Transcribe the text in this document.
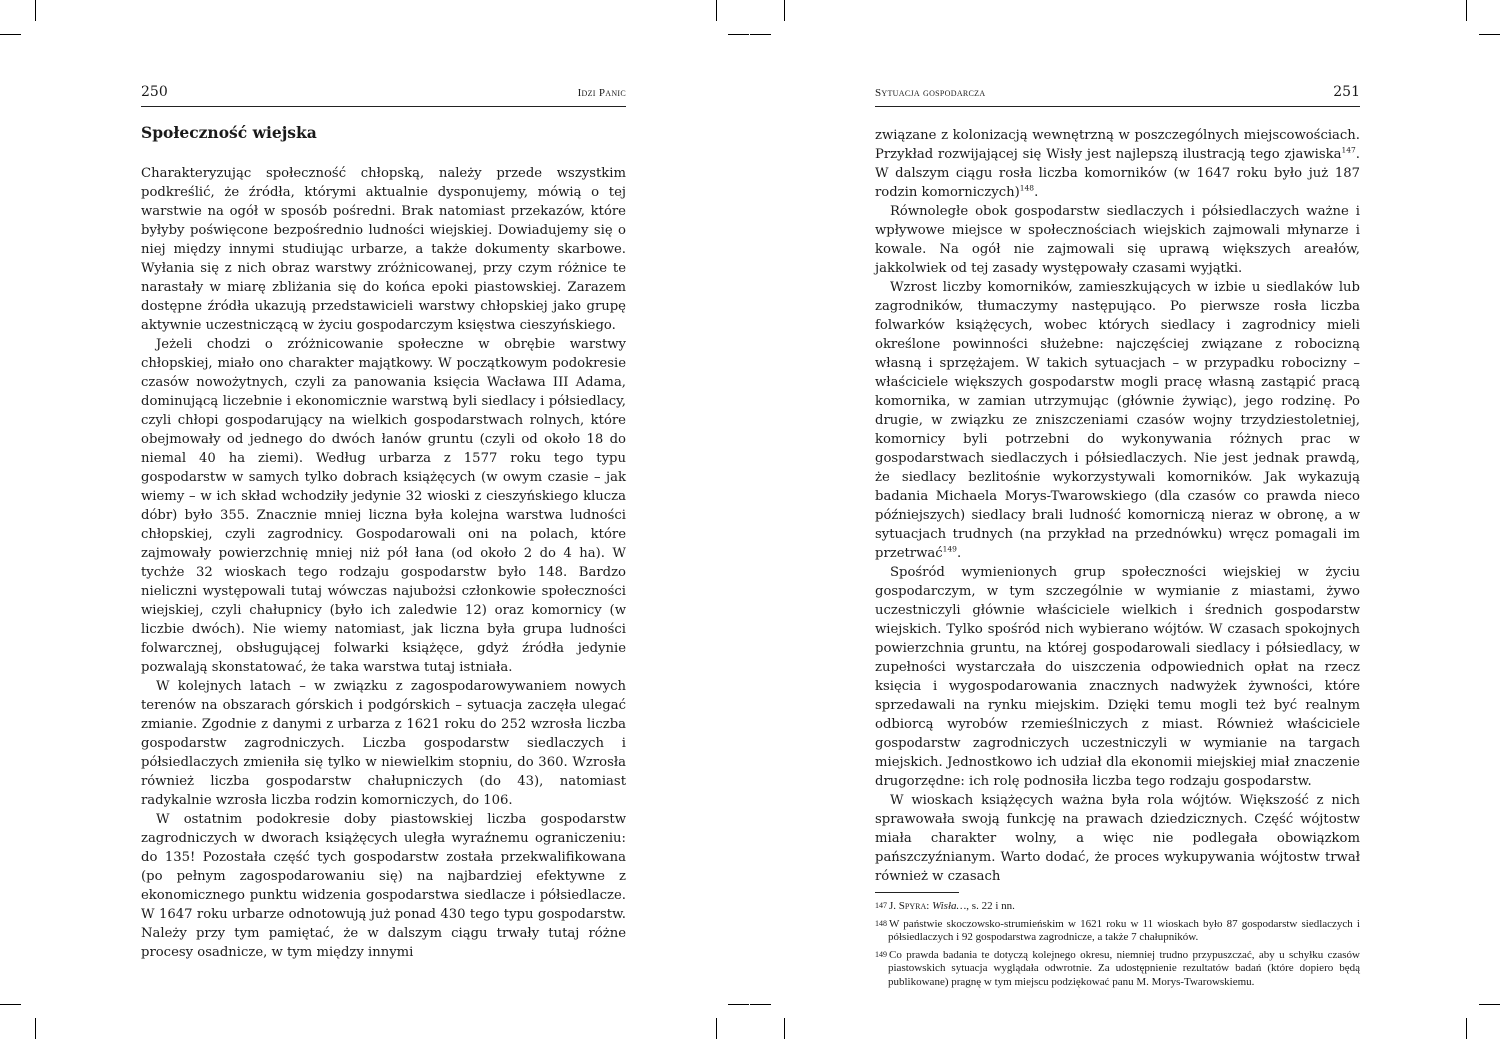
250	Idzi Panic
Społeczność wiejska

Charakteryzując społeczność chłopską, należy przede wszystkim podkreślić, że źródła, którymi aktualnie dysponujemy, mówią o tej warstwie na ogół w sposób pośredni. Brak natomiast przekazów, które byłyby poświęcone bezpośrednio ludności wiejskiej. Dowiadujemy się o niej między innymi studiując urbarze, a także dokumenty skarbowe. Wyłania się z nich obraz warstwy zróżnicowanej, przy czym różnice te narastały w miarę zbliżania się do końca epoki piastowskiej. Zarazem dostępne źródła ukazują przedstawicieli warstwy chłopskiej jako grupę aktywnie uczestniczącą w życiu gospodarczym księstwa cieszyńskiego.

Jeżeli chodzi o zróżnicowanie społeczne w obrębie warstwy chłopskiej, miało ono charakter majątkowy. W początkowym podokresie czasów nowożytnych, czyli za panowania księcia Wacława III Adama, dominującą liczebnie i ekonomicznie warstwą byli siedlacy i półsiedlacy, czyli chłopi gospodarujący na wielkich gospodarstwach rolnych, które obejmowały od jednego do dwóch łanów gruntu (czyli od około 18 do niemal 40 ha ziemi). Według urbarza z 1577 roku tego typu gospodarstw w samych tylko dobrach książęcych (w owym czasie – jak wiemy – w ich skład wchodziły jedynie 32 wioski z cieszyńskiego klucza dóbr) było 355. Znacznie mniej liczna była kolejna warstwa ludności chłopskiej, czyli zagrodnicy. Gospodarowali oni na polach, które zajmowały powierzchnię mniej niż pół łana (od około 2 do 4 ha). W tychże 32 wioskach tego rodzaju gospodarstw było 148. Bardzo nieliczni występowali tutaj wówczas najubożsi członkowie społeczności wiejskiej, czyli chałupnicy (było ich zaledwie 12) oraz komornicy (w liczbie dwóch). Nie wiemy natomiast, jak liczna była grupa ludności folwarcznej, obsługującej folwarki książęce, gdyż źródła jedynie pozwalają skonstatować, że taka warstwa tutaj istniała.

W kolejnych latach – w związku z zagospodarowywaniem nowych terenów na obszarach górskich i podgórskich – sytuacja zaczęła ulegać zmianie. Zgodnie z danymi z urbarza z 1621 roku do 252 wzrosła liczba gospodarstw zagrodniczych. Liczba gospodarstw siedlaczych i półsiedlaczych zmieniła się tylko w niewielkim stopniu, do 360. Wzrosła również liczba gospodarstw chałupniczych (do 43), natomiast radykalnie wzrosła liczba rodzin komorniczych, do 106.

W ostatnim podokresie doby piastowskiej liczba gospodarstw zagrodniczych w dworach książęcych uległa wyraźnemu ograniczeniu: do 135! Pozostała część tych gospodarstw została przekwalifikowana (po pełnym zagospodarowaniu się) na najbardziej efektywne z ekonomicznego punktu widzenia gospodarstwa siedlacze i półsiedlacze. W 1647 roku urbarze odnotowują już ponad 430 tego typu gospodarstw. Należy przy tym pamiętać, że w dalszym ciągu trwały tutaj różne procesy osadnicze, w tym między innymi

Sytuacja gospodarcza	251

związane z kolonizacją wewnętrzną w poszczególnych miejscowościach. Przykład rozwijającej się Wisły jest najlepszą ilustracją tego zjawiska$^{147}$. W dalszym ciągu rosła liczba komorników (w 1647 roku było już 187 rodzin komorniczych)$^{148}$.

Równoległe obok gospodarstw siedlaczych i półsiedlaczych ważne i wpływowe miejsce w społecznościach wiejskich zajmowali młynarze i kowale. Na ogół nie zajmowali się uprawą większych areałów, jakkolwiek od tej zasady występowały czasami wyjątki.

Wzrost liczby komorników, zamieszkujących w izbie u siedlaków lub zagrodników, tłumaczymy następująco. Po pierwsze rosła liczba folwarków książęcych, wobec których siedlacy i zagrodnicy mieli określone powinności służebne: najczęściej związane z robocizną własną i sprzężajem. W takich sytuacjach – w przypadku robocizny – właściciele większych gospodarstw mogli pracę własną zastąpić pracą komornika, w zamian utrzymując (głównie żywiąc), jego rodzinę. Po drugie, w związku ze zniszczeniami czasów wojny trzydziestoletniej, komornicy byli potrzebni do wykonywania różnych prac w gospodarstwach siedlaczych i półsiedlaczych. Nie jest jednak prawdą, że siedlacy bezlitośnie wykorzystywali komorników. Jak wykazują badania Michaela Morys-Twarowskiego (dla czasów co prawda nieco późniejszych) siedlacy brali ludność komorniczą nieraz w obronę, a w sytuacjach trudnych (na przykład na przednówku) wręcz pomagali im przetrwać$^{149}$.

Spośród wymienionych grup społeczności wiejskiej w życiu gospodarczym, w tym szczególnie w wymianie z miastami, żywo uczestniczyli głównie właściciele wielkich i średnich gospodarstw wiejskich. Tylko spośród nich wybierano wójtów. W czasach spokojnych powierzchnia gruntu, na której gospodarowali siedlacy i półsiedlacy, w zupełności wystarczała do uiszczenia odpowiednich opłat na rzecz księcia i wygospodarowania znacznych nadwyżek żywności, które sprzedawali na rynku miejskim. Dzięki temu mogli też być realnym odbiorcą wyrobów rzemieślniczych z miast. Również właściciele gospodarstw zagrodniczych uczestniczyli w wymianie na targach miejskich. Jednostkowo ich udział dla ekonomii miejskiej miał znaczenie drugorzędne: ich rolę podnosiła liczba tego rodzaju gospodarstw.

W wioskach książęcych ważna była rola wójtów. Większość z nich sprawowała swoją funkcję na prawach dziedzicznych. Część wójtostw miała charakter wolny, a więc nie podlegała obowiązkom pańszczyźnianym. Warto dodać, że proces wykupywania wójtostw trwał również w czasach

147 J. Spyra: Wisła…, s. 22 i nn.

148 W państwie skoczowsko-strumieńskim w 1621 roku w 11 wioskach było 87 gospodarstw siedlaczych i półsiedlaczych i 92 gospodarstwa zagrodnicze, a także 7 chałupników.

149 Co prawda badania te dotyczą kolejnego okresu, niemniej trudno przypuszczać, aby u schyłku czasów piastowskich sytuacja wyglądała odwrotnie. Za udostępnienie rezultatów badań (które dopiero będą publikowane) pragnę w tym miejscu podziękować panu M. Morys-Twarowskiemu.
